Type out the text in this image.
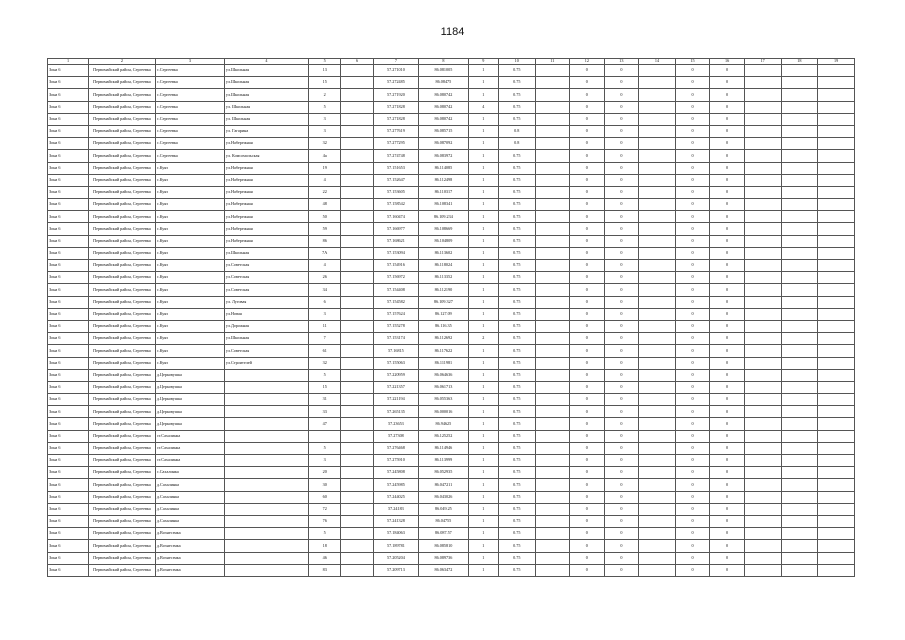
1184
1	2	3	4	5	6	7	8	9	10	11	12	13	14	15	16	17	18	19
Зона 6	Первомайский район, Сергеевка	с.Сергеевка	ул.Школьная	13		57.271010	86.081005	1	0.75		0	0		0	0			
Зона 6	Первомайский район, Сергеевка	с.Сергеевка	ул.Школьная	15		57.272485	86.08475	1	0.75		0	0		0	0			
Зона 6	Первомайский район, Сергеевка	с.Сергеевка	ул.Школьная	2		57.271920	86.080742	1	0.75		0	0		0	0			
Зона 6	Первомайский район, Сергеевка	с.Сергеевка	ул. Школьная	5		57.271828	86.080742	4	0.75		0	0		0	0			
Зона 6	Первомайский район, Сергеевка	с.Сергеевка	ул. Школьная	3		57.271828	86.080742	1	0.75		0	0		0	0			
Зона 6	Первомайский район, Сергеевка	с.Сергеевка	ул. Гагарина	3		57.277619	86.085715	1	0.8		0	0		0	0			
Зона 6	Первомайский район, Сергеевка	с.Сергеевка	ул.Набережная	32		57.277295	86.087092	1	0.8		0	0		0	0			
Зона 6	Первомайский район, Сергеевка	с.Сергеевка	ул. Комсомольская	4а		57.274748	86.083972	1	0.75		0	0		0	0			
Зона 6	Первомайский район, Сергеевка	с.Куяэ	ул.Набережная	19		57.151653	86.114085	1	0.75		0	0		0	0			
Зона 6	Первомайский район, Сергеевка	с.Куяэ	ул.Набережная	4		57.152647	86.112498	1	0.75		0	0		0	0			
Зона 6	Первомайский район, Сергеевка	с.Куяэ	ул.Набережная	22		57.153605	86.110317	1	0.75		0	0		0	0			
Зона 6	Первомайский район, Сергеевка	с.Куяэ	ул.Набережная	48		57.158542	86.108341	1	0.75		0	0		0	0			
Зона 6	Первомайский район, Сергеевка	с.Куяэ	ул.Набережная	50		57.160474	86.109.234	1	0.75		0	0		0	0			
Зона 6	Первомайский район, Сергеевка	с.Куяэ	ул.Набережная	59		57.166977	86.108669	1	0.75		0	0		0	0			
Зона 6	Первомайский район, Сергеевка	с.Куяэ	ул.Набережная	86		57.168621	86.104809	1	0.75		0	0		0	0			
Зона 6	Первомайский район, Сергеевка	с.Куяэ	ул.Школьная	7А		57.153094	86.113602	1	0.75		0	0		0	0			
Зона 6	Первомайский район, Сергеевка	с.Куяэ	ул.Советская	4		57.154916	86.118024	1	0.75		0	0		0	0			
Зона 6	Первомайский район, Сергеевка	с.Куяэ	ул.Советская	26		57.156972	86.113352	1	0.75		0	0		0	0			
Зона 6	Первомайский район, Сергеевка	с.Куяэ	ул.Советская	34		57.154408	86.112190	1	0.75		0	0		0	0			
Зона 6	Первомайский район, Сергеевка	с.Куяэ	ул. Луговая	6		57.154582	86.109.327	1	0.75		0	0		0	0			
Зона 6	Первомайский район, Сергеевка	с.Куяэ	ул.Новая	3		57.157624	86.127.09	1	0.75		0	0		0	0			
Зона 6	Первомайский район, Сергеевка	с.Куяэ	ул.Дорожная	11		57.155278	86.116.35	1	0.75		0	0		0	0			
Зона 6	Первомайский район, Сергеевка	с.Куяэ	ул.Школьная	7		57.153174	86.112692	2	0.75		0	0		0	0			
Зона 6	Первомайский район, Сергеевка	с.Куяэ	ул.Советская	61		57.16815	86.117622	1	0.75		0	0		0	0			
Зона 6	Первомайский район, Сергеевка	с.Куяэ	ул.Строителей	32		57.155063	86.111981	1	0.75		0	0		0	0			
Зона 6	Первомайский район, Сергеевка	д.Церковушка		5		57.220959	86.064636	1	0.75		0	0		0	0			
Зона 6	Первомайский район, Сергеевка	д.Церковушка		15		57.221357	86.061713	1	0.75		0	0		0	0			
Зона 6	Первомайский район, Сергеевка	д.Церковушка		31		57.221194	86.055363	1	0.75		0	0		0	0			
Зона 6	Первомайский район, Сергеевка	д.Церковушка		33		57.265135	86.000016	1	0.75		0	0		0	0			
Зона 6	Первомайский район, Сергеевка	д.Церковушка		47		57.23653	86.94625	1	0.75		0	0		0	0			
Зона 6	Первомайский район, Сергеевка	ст.Сахалинка				57.27308	86.125252	1	0.75		0	0		0	0			
Зона 6	Первомайский район, Сергеевка	ст.Сахалинка		5		57.276468	86.114946	1	0.75		0	0		0	0			
Зона 6	Первомайский район, Сергеевка	ст.Сахалинка		3		57.275910	86.113999	1	0.75		0	0		0	0			
Зона 6	Первомайский район, Сергеевка	с.Сахалинка		20		57.245808	86.052935	1	0.75		0	0		0	0			
Зона 6	Первомайский район, Сергеевка	д.Сахалинка		30		57.245985	86.047211	1	0.75		0	0		0	0			
Зона 6	Первомайский район, Сергеевка	д.Сахалинка		60		57.244025	86.043026	1	0.75		0	0		0	0			
Зона 6	Первомайский район, Сергеевка	д.Сахалинка		72		57.24183	86.049.25	1	0.75		0	0		0	0			
Зона 6	Первомайский район, Сергеевка	д.Сахалинка		76		57.241328	86.04755	1	0.75		0	0		0	0			
Зона 6	Первомайский район, Сергеевка	д.Вознесенка		5		57.184063	86.087.57	1	0.75		0	0		0	0			
Зона 6	Первомайский район, Сергеевка	д.Вознесенка		18		57.189781	86.085810	1	0.75		0	0		0	0			
Зона 6	Первомайский район, Сергеевка	д.Вознесенка		46		57.205204	86.089736	1	0.75		0	0		0	0			
Зона 6	Первомайский район, Сергеевка	д.Вознесенка		83		57.209713	86.063472	1	0.75		0	0		0	0			
